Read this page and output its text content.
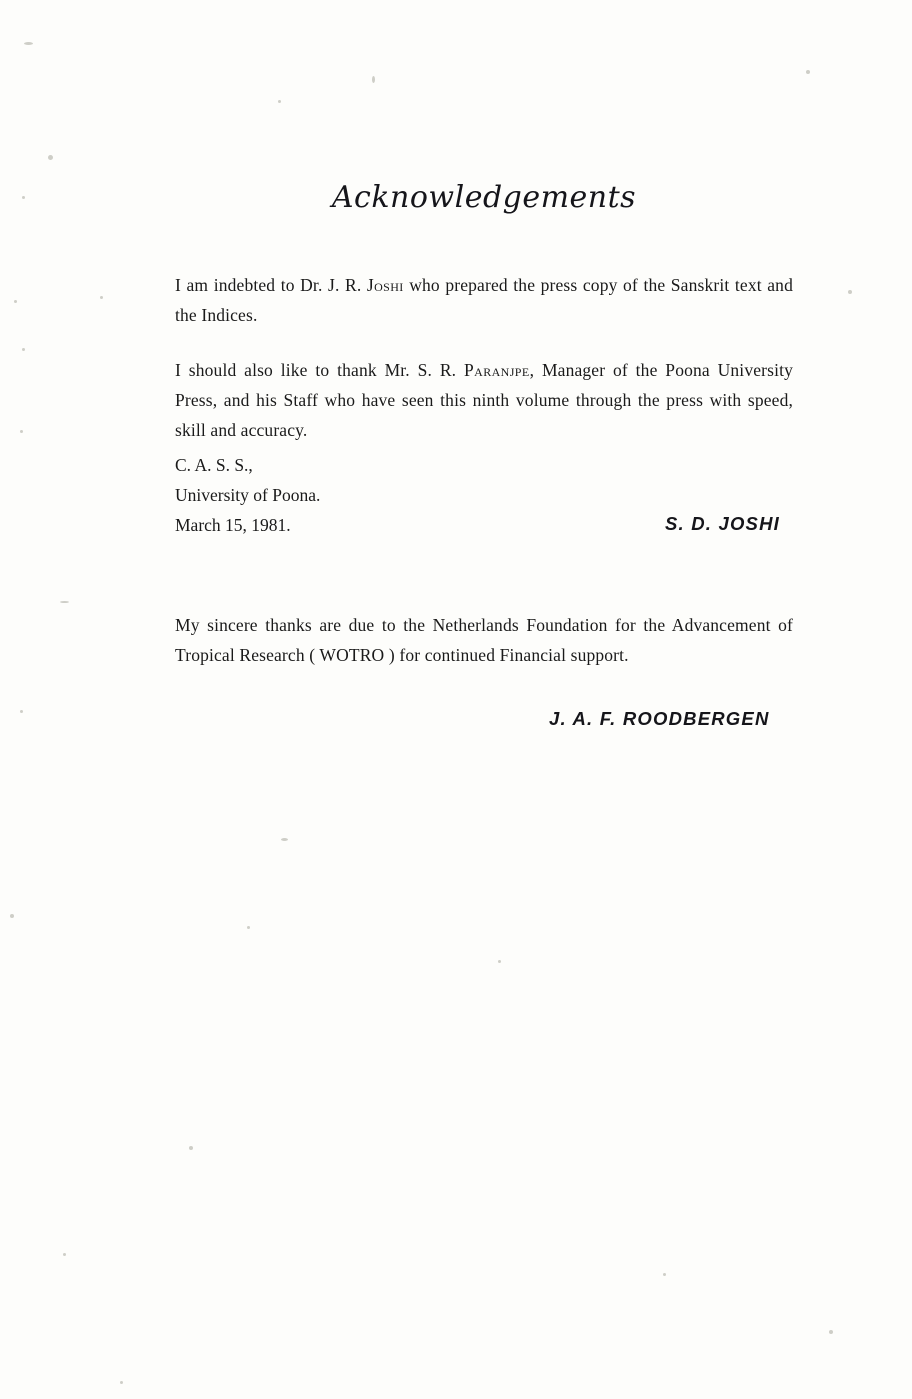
Acknowledgements

I am indebted to Dr. J. R. Joshi who prepared the press copy of the Sanskrit text and the Indices.

I should also like to thank Mr. S. R. Paranjpe, Manager of the Poona University Press, and his Staff who have seen this ninth volume through the press with speed, skill and accuracy.

C. A. S. S.,
University of Poona.
March 15, 1981.	S. D. JOSHI

My sincere thanks are due to the Netherlands Foundation for the Advancement of Tropical Research ( WOTRO ) for continued Financial support.

J. A. F. ROODBERGEN
